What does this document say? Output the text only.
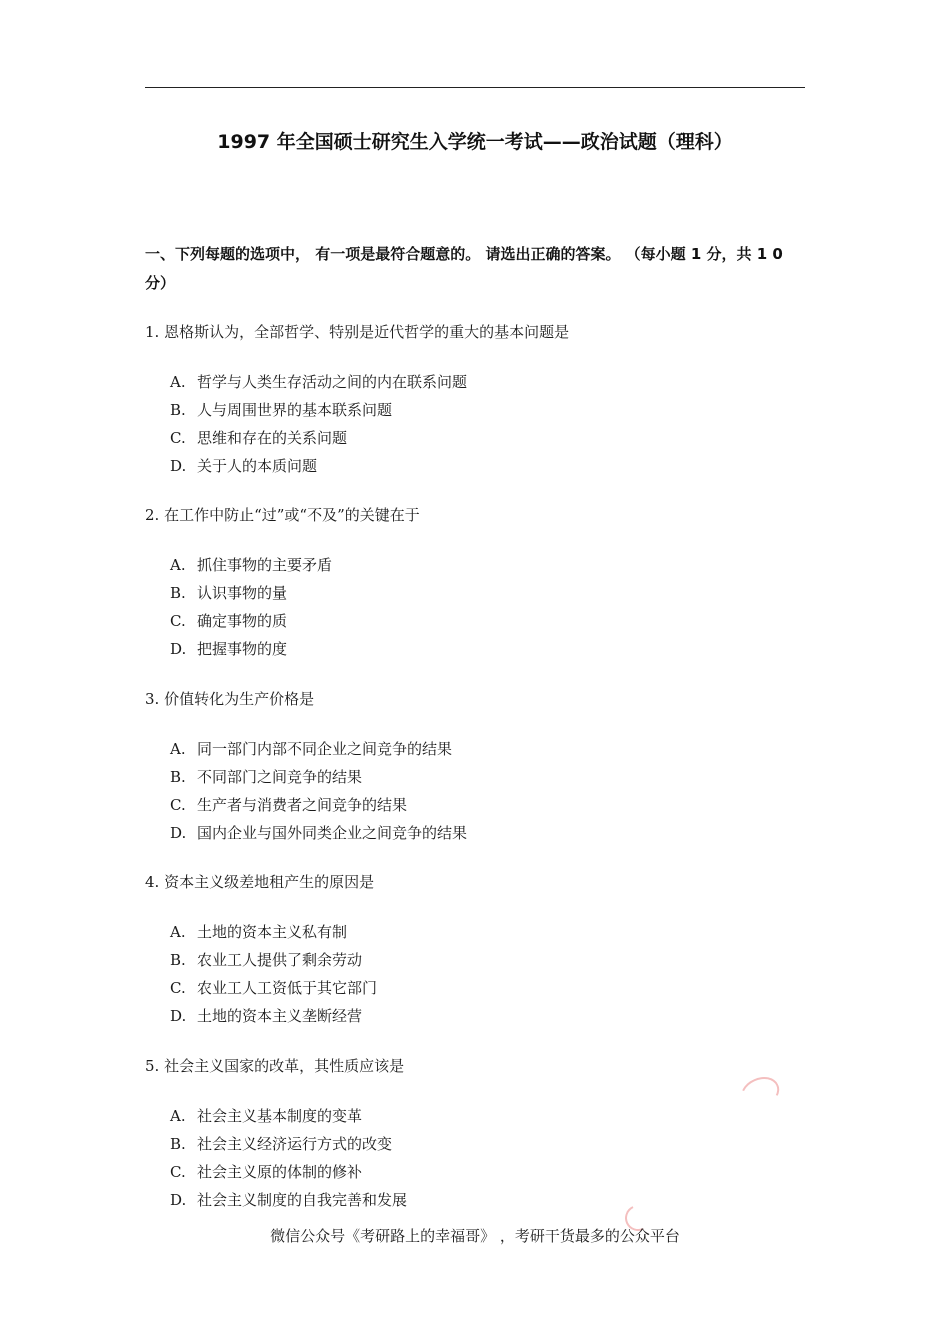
1997 年全国硕士研究生入学统一考试——政治试题（理科）
一、下列每题的选项中， 有一项是最符合题意的。 请选出正确的答案。 （每小题 1 分，共 1 0 分）
1. 恩格斯认为，全部哲学、特别是近代哲学的重大的基本问题是
A. 哲学与人类生存活动之间的内在联系问题
B. 人与周围世界的基本联系问题
C. 思维和存在的关系问题
D. 关于人的本质问题
2. 在工作中防止“过”或“不及”的关键在于
A. 抓住事物的主要矛盾
B. 认识事物的量
C. 确定事物的质
D. 把握事物的度
3. 价值转化为生产价格是
A. 同一部门内部不同企业之间竞争的结果
B. 不同部门之间竞争的结果
C. 生产者与消费者之间竞争的结果
D. 国内企业与国外同类企业之间竞争的结果
4. 资本主义级差地租产生的原因是
A. 土地的资本主义私有制
B. 农业工人提供了剩余劳动
C. 农业工人工资低于其它部门
D. 土地的资本主义垄断经营
5. 社会主义国家的改革，其性质应该是
A. 社会主义基本制度的变革
B. 社会主义经济运行方式的改变
C. 社会主义原的体制的修补
D. 社会主义制度的自我完善和发展
微信公众号《考研路上的幸福哥》 ，考研干货最多的公众平台
